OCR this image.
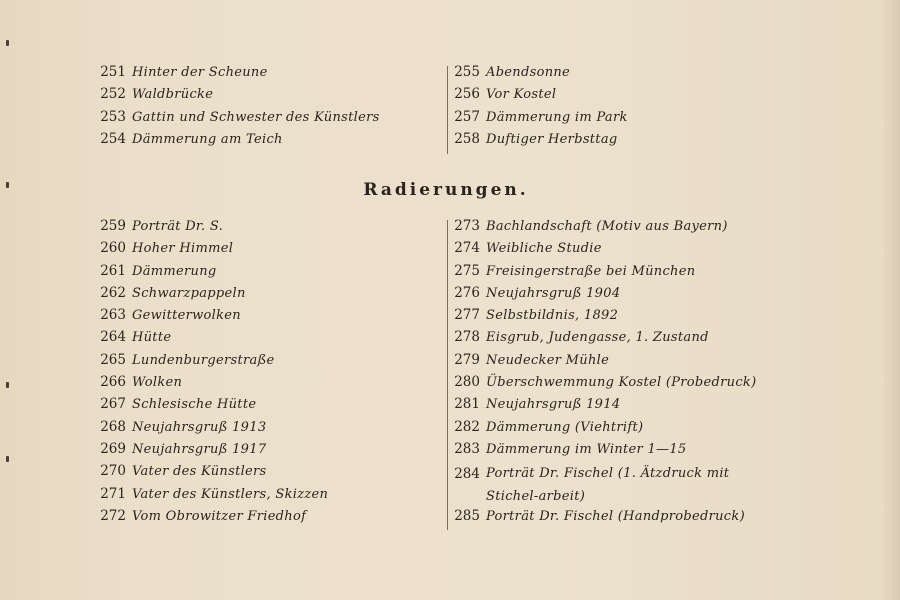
251 Hinter der Scheune
252 Waldbrücke
253 Gattin und Schwester des Künstlers
254 Dämmerung am Teich
255 Abendsonne
256 Vor Kostel
257 Dämmerung im Park
258 Duftiger Herbsttag
Radierungen.
259 Porträt Dr. S.
260 Hoher Himmel
261 Dämmerung
262 Schwarzpappeln
263 Gewitterwolken
264 Hütte
265 Lundenburgerstraße
266 Wolken
267 Schlesische Hütte
268 Neujahrsgruß 1913
269 Neujahrsgruß 1917
270 Vater des Künstlers
271 Vater des Künstlers, Skizzen
272 Vom Obrowitzer Friedhof
273 Bachlandschaft (Motiv aus Bayern)
274 Weibliche Studie
275 Freisingerstraße bei München
276 Neujahrsgruß 1904
277 Selbstbildnis, 1892
278 Eisgrub, Judengasse, 1. Zustand
279 Neudecker Mühle
280 Überschwemmung Kostel (Probedruck)
281 Neujahrsgruß 1914
282 Dämmerung (Viehtrift)
283 Dämmerung im Winter 1—15
284 Porträt Dr. Fischel (1. Ätzdruck mit Stichel-arbeit)
285 Porträt Dr. Fischel (Handprobedruck)
